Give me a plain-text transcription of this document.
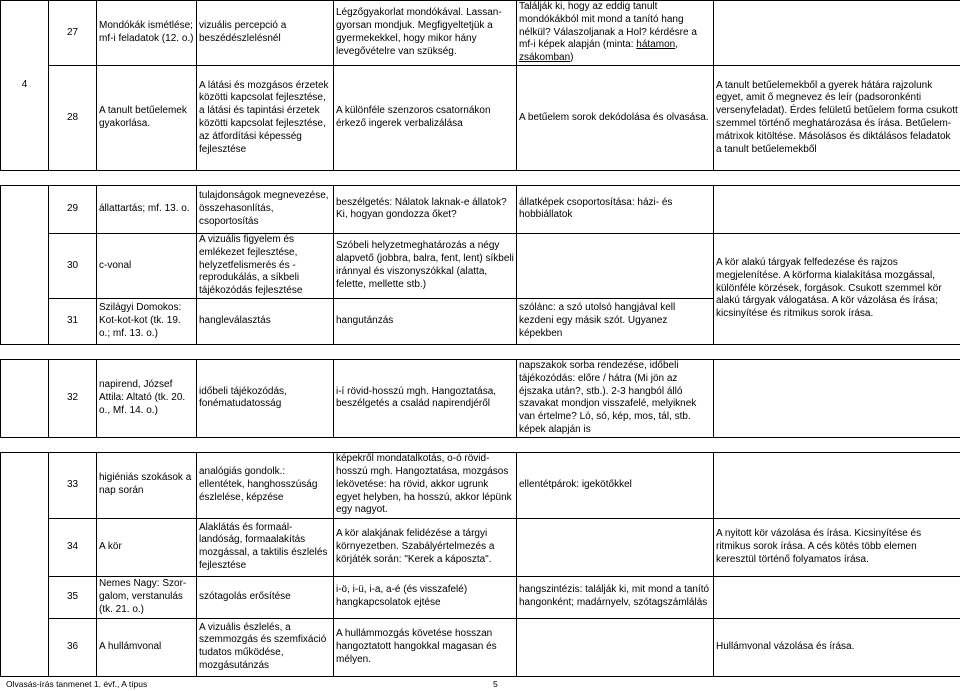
4	27	Mondókák ismétlése; mf-i feladatok (12. o.)	vizuális percepció a beszédészlelésnél	Légzőgyakorlat mondókával. Lassan-gyorsan mondjuk. Megfigyeltetjük a gyermekekkel, hogy mikor hány levegővételre van szükség.	Találják ki, hogy az eddig tanult mondókákból mit mond a tanító hang nélkül? Válaszoljanak a Hol? kérdésre a mf-i képek alapján (minta: hátamon, zsákomban)	
	28	A tanult betűelemek gyakorlása.	A látási és mozgásos érzetek közötti kapcsolat fejlesztése, a látási és tapintási érzetek közötti kapcsolat fejlesztése, az átfordítási képesség fejlesztése	A különféle szenzoros csatornákon érkező ingerek verbalizálása	A betűelem sorok dekódolása és olvasása.	A tanult betűelemekből a gyerek hátára rajzolunk egyet, amit ő megnevez és leír (padsoronkénti versenyfeladat). Érdes felületű betűelem forma csukott szemmel történő meghatározása és írása. Betűelem-mátrixok kitöltése. Másolásos és diktálásos feladatok a tanult betűelemekből

	29	állattartás; mf. 13. o.	tulajdonságok megnevezése, összehasonlítás, csoportosítás	beszélgetés: Nálatok laknak-e állatok? Ki, hogyan gondozza őket?	állatképek csoportosítása: házi- és hobbiállatok	
	30	c-vonal	A vizuális figyelem és emlékezet fejlesztése, helyzetfelismerés és -reprodukálás, a síkbeli tájékozódás fejlesztése	Szóbeli helyzetmeghatározás a négy alapvető (jobbra, balra, fent, lent) síkbeli iránnyal és viszonyszókkal (alatta, felette, mellette stb.)		A kör alakú tárgyak felfedezése és rajzos megjelenítése. A körforma kialakítása mozgással, különféle körzések, forgások. Csukott szemmel kör alakú tárgyak válogatása. A kör vázolása és írása; kicsinyítése és ritmikus sorok írása.
	31	Szilágyi Domokos: Kot-kot-kot (tk. 19. o.; mf. 13. o.)	hangleválasztás	hangutánzás	szólánc: a szó utolsó hangjával kell kezdeni egy másik szót. Ugyanez képekben	

	32	napirend, József Attila: Altató (tk. 20. o., Mf. 14. o.)	időbeli tájékozódás, fonématudatosság	i-í rövid-hosszú mgh. Hangoztatása, beszélgetés a család napirendjéről	napszakok sorba rendezése, időbeli tájékozódás: előre / hátra (Mi jön az éjszaka után?, stb.). 2-3 hangból álló szavakat mondjon visszafelé, melyiknek van értelme? Ló, só, kép, mos, tál, stb. képek alapján is	

	33	higiéniás szokások a nap során	analógiás gondolk.: ellentétek, hanghosszúság észlelése, képzése	képekről mondatalkotás, o-ó rövid-hosszú mgh. Hangoztatása, mozgásos lekövetése: ha rövid, akkor ugrunk egyet helyben, ha hosszú, akkor lépünk egy nagyot.	ellentétpárok: igekötőkkel	
	34	A kör	Alaklátás és formaál-landóság, formaalakítás mozgással, a taktilis észlelés fejlesztése	A kör alakjának felidézése a tárgyi környezetben. Szabályértelmezés a körjáték során: "Kerek a káposzta".		A nyitott kör vázolása és írása. Kicsinyítése és ritmikus sorok írása. A cés kötés több elemen keresztül történő folyamatos írása.
	35	Nemes Nagy: Szor-galom, verstanulás (tk. 21. o.)	szótagolás erősítése	i-ö, i-ü, i-a, a-é (és visszafelé) hangkapcsolatok ejtése	hangszintézis: találják ki, mit mond a tanító hangonként; madárnyelv, szótagszámlálás	
	36	A hullámvonal	A vizuális észlelés, a szemmozgás és szemfixáció tudatos működése, mozgásutánzás	A hullámmozgás követése hosszan hangoztatott hangokkal magasan és mélyen.		Hullámvonal vázolása és írása.
Olvasás-írás tanmenet 1. évf., A típus	5
